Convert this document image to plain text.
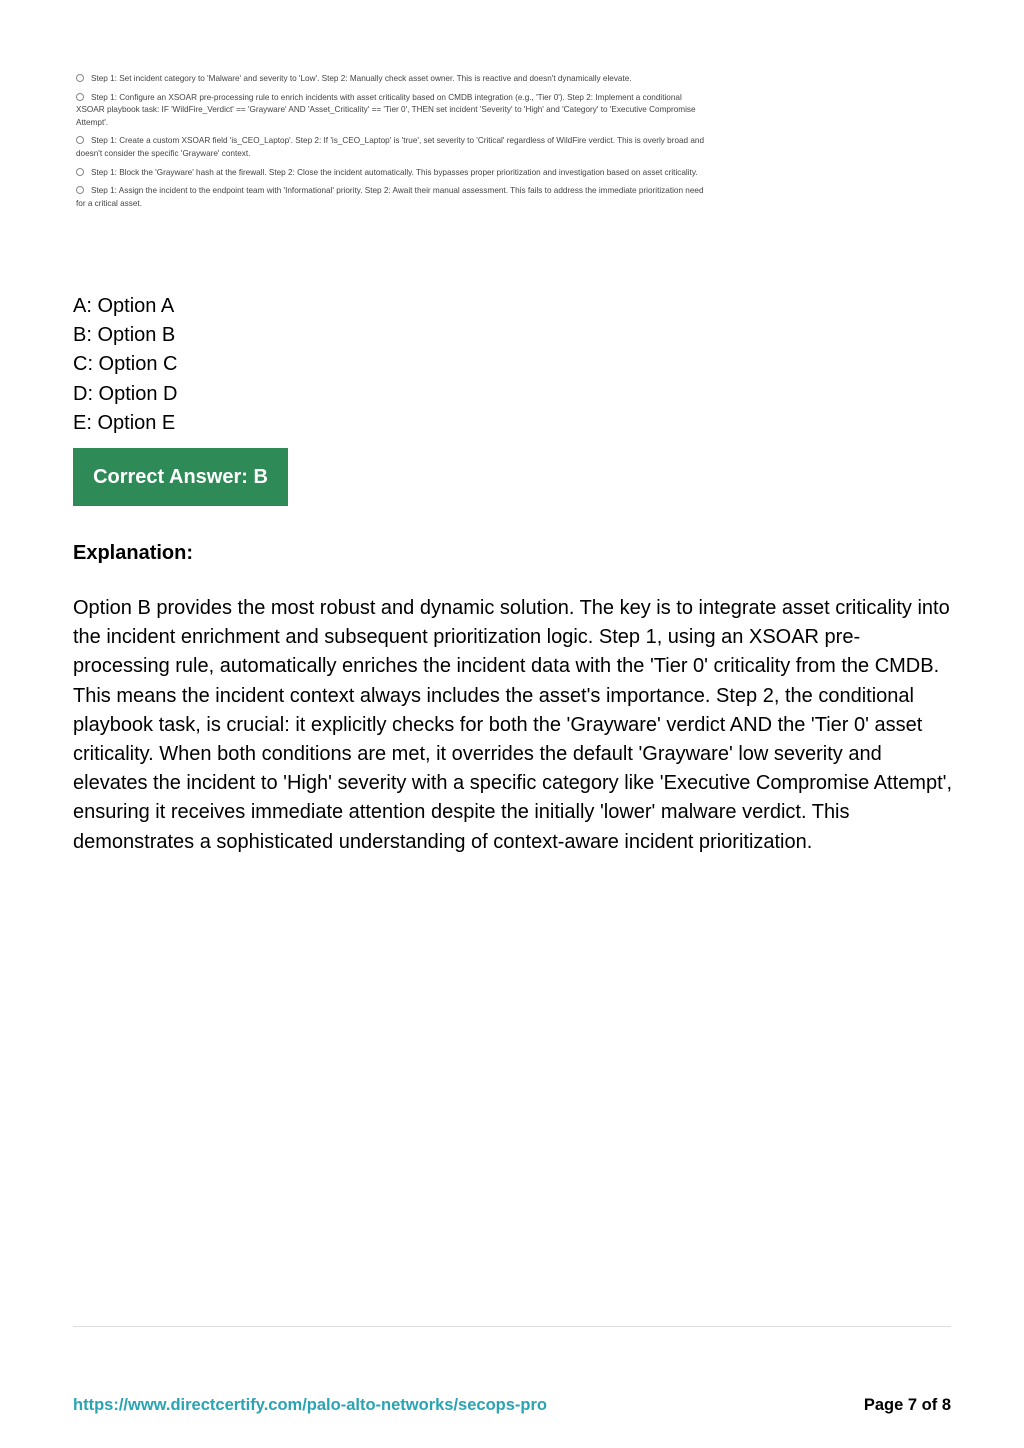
Step 1: Set incident category to 'Malware' and severity to 'Low'. Step 2: Manually check asset owner. This is reactive and doesn't dynamically elevate.
Step 1: Configure an XSOAR pre-processing rule to enrich incidents with asset criticality based on CMDB integration (e.g., 'Tier 0'). Step 2: Implement a conditional XSOAR playbook task: IF 'WildFire_Verdict' == 'Grayware' AND 'Asset_Criticality' == 'Tier 0', THEN set incident 'Severity' to 'High' and 'Category' to 'Executive Compromise Attempt'.
Step 1: Create a custom XSOAR field 'is_CEO_Laptop'. Step 2: If 'is_CEO_Laptop' is 'true', set severity to 'Critical' regardless of WildFire verdict. This is overly broad and doesn't consider the specific 'Grayware' context.
Step 1: Block the 'Grayware' hash at the firewall. Step 2: Close the incident automatically. This bypasses proper prioritization and investigation based on asset criticality.
Step 1: Assign the incident to the endpoint team with 'Informational' priority. Step 2: Await their manual assessment. This fails to address the immediate prioritization need for a critical asset.
A: Option A
B: Option B
C: Option C
D: Option D
E: Option E
Correct Answer: B
Explanation:
Option B provides the most robust and dynamic solution. The key is to integrate asset criticality into the incident enrichment and subsequent prioritization logic. Step 1, using an XSOAR pre-processing rule, automatically enriches the incident data with the 'Tier 0' criticality from the CMDB. This means the incident context always includes the asset's importance. Step 2, the conditional playbook task, is crucial: it explicitly checks for both the 'Grayware' verdict AND the 'Tier 0' asset criticality. When both conditions are met, it overrides the default 'Grayware' low severity and elevates the incident to 'High' severity with a specific category like 'Executive Compromise Attempt', ensuring it receives immediate attention despite the initially 'lower' malware verdict. This demonstrates a sophisticated understanding of context-aware incident prioritization.
https://www.directcertify.com/palo-alto-networks/secops-pro	Page 7 of 8
